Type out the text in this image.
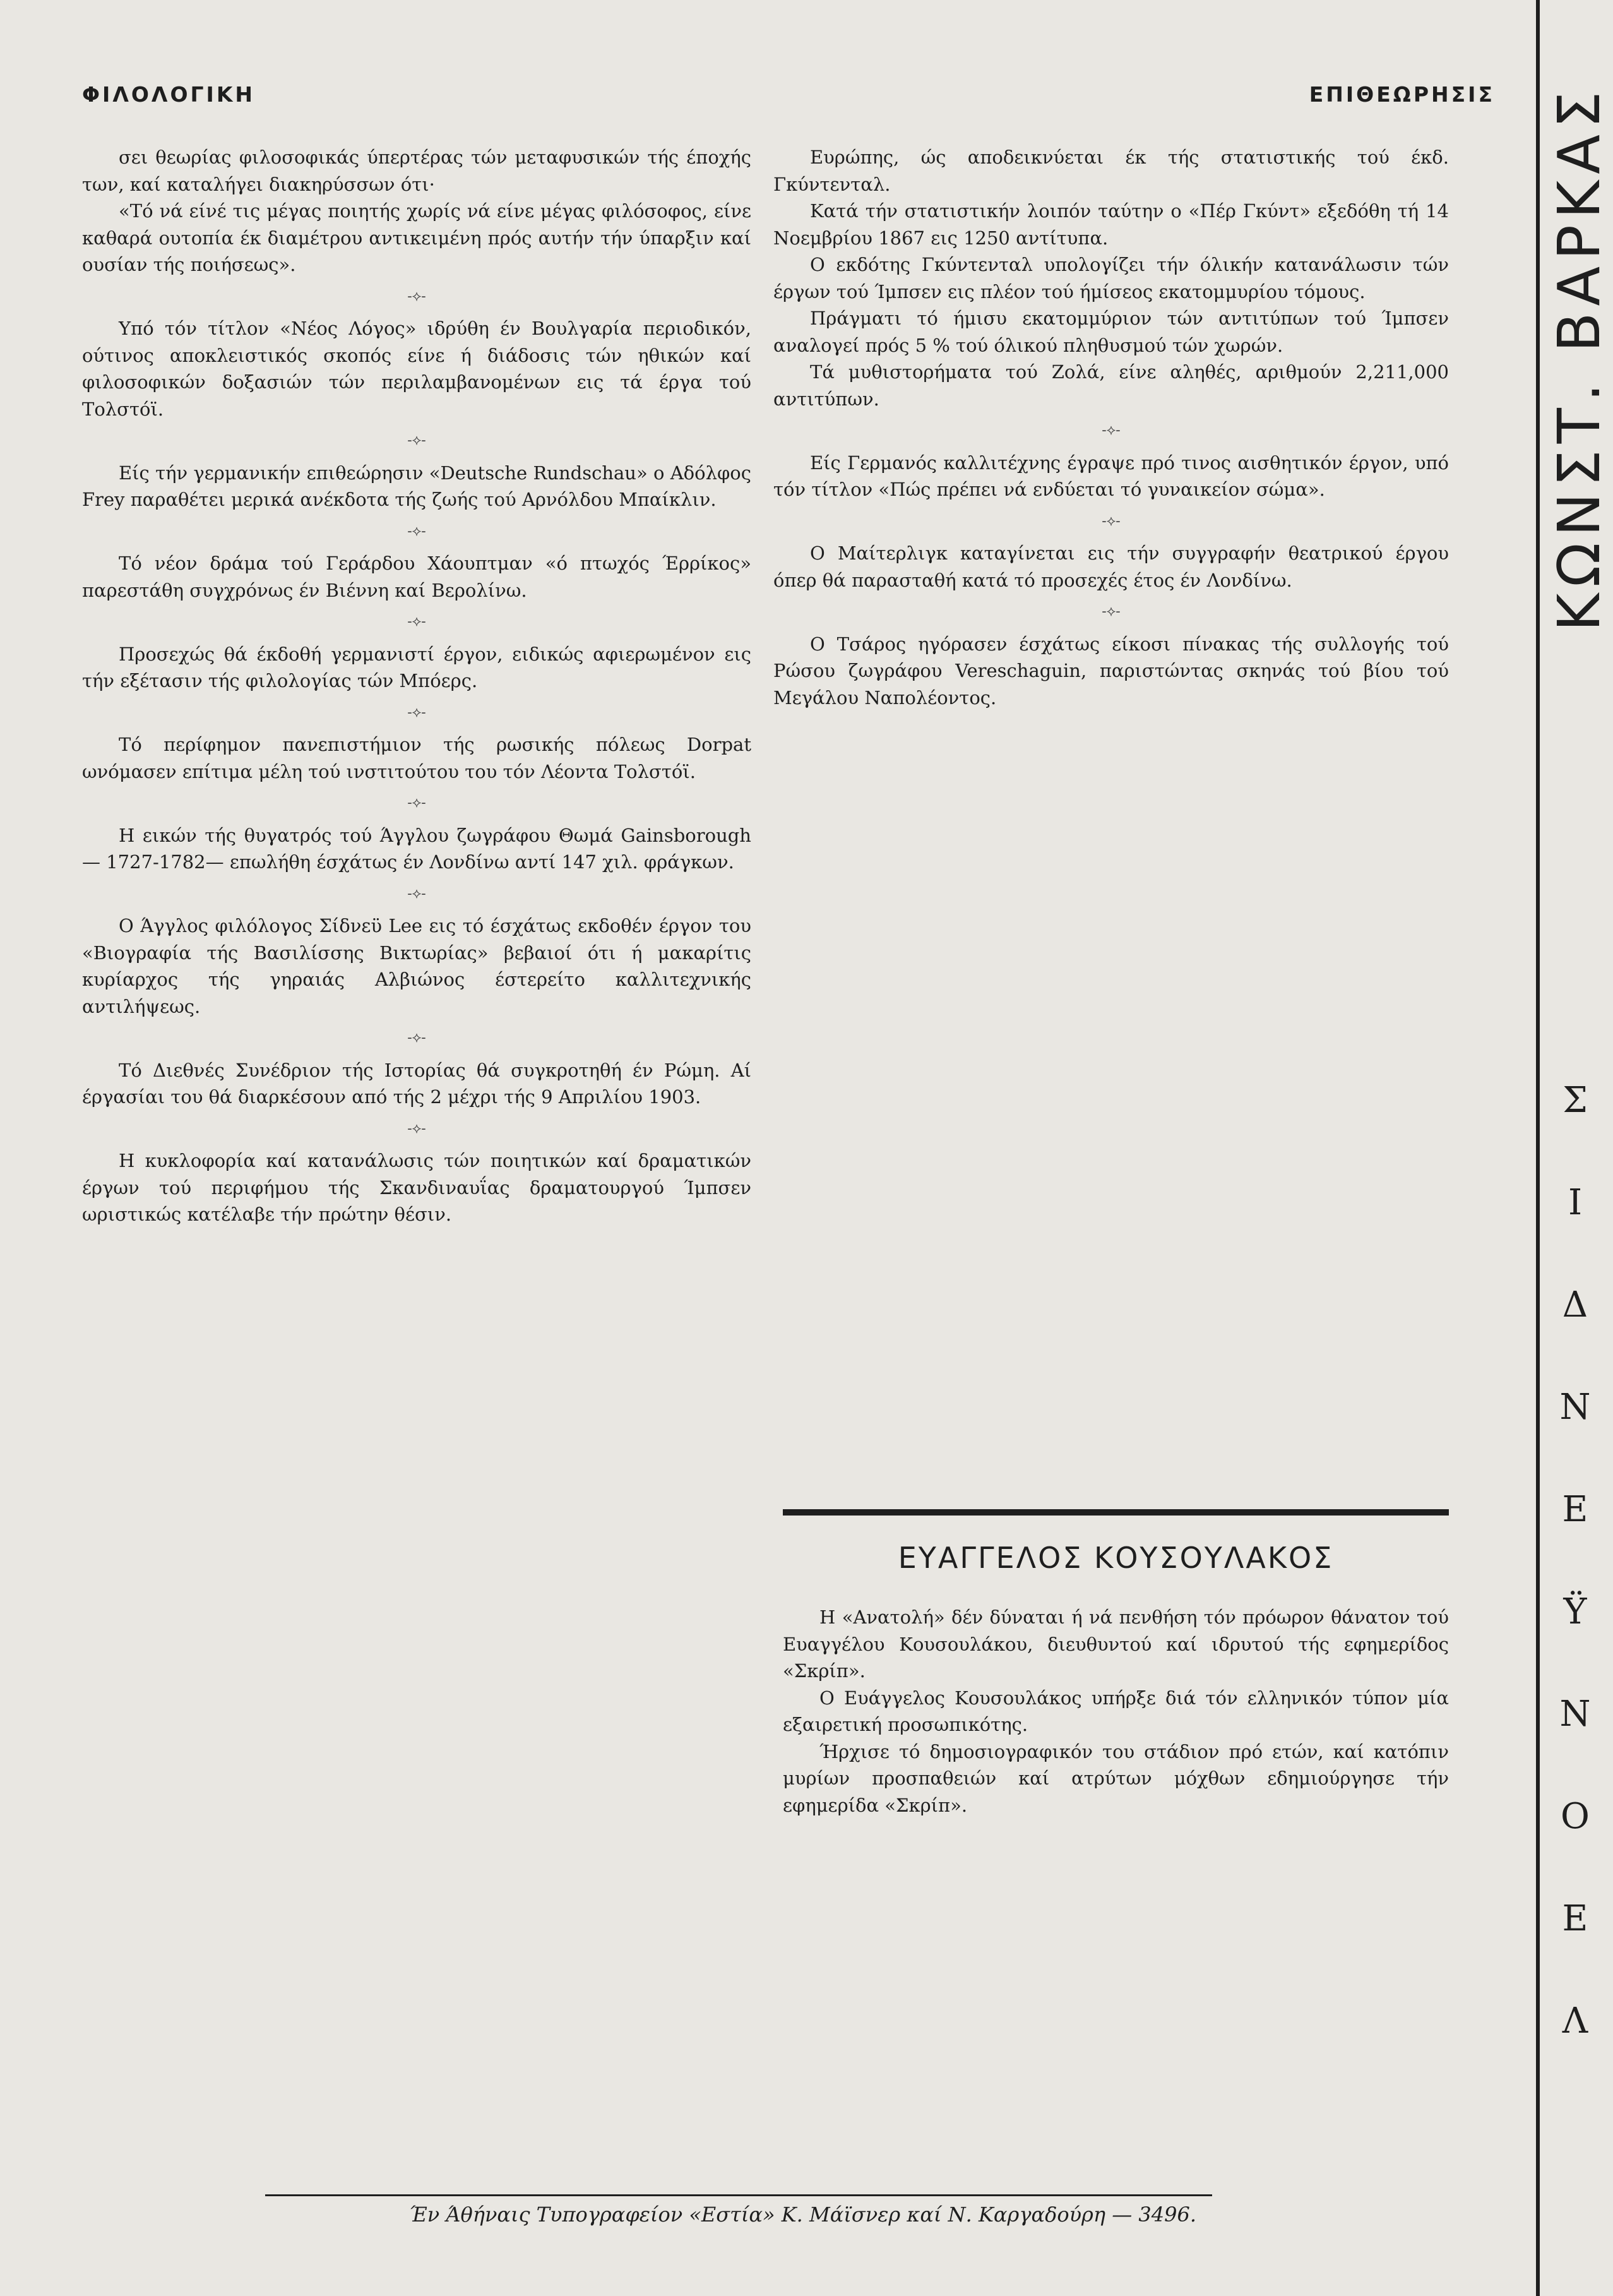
ΦΙΛΟΛΟΓΙΚΗ	ΕΠΙΘΕΩΡΗΣΙΣ

σει θεωρίας φιλοσοφικάς ύπερτέρας τών μεταφυσικών τής έποχής των, καί καταλήγει διακηρύσσων ότι·

«Τό νά είνέ τις μέγας ποιητής χωρίς νά είνε μέγας φιλόσοφος, είνε καθαρά ουτοπία έκ διαμέτρου αντικειμένη πρός αυτήν τήν ύπαρξιν καί ουσίαν τής ποιήσεως».

-⟡-

Υπό τόν τίτλον «Νέος Λόγος» ιδρύθη έν Βουλγαρία περιοδικόν, ούτινος αποκλειστικός σκοπός είνε ή διάδοσις τών ηθικών καί φιλοσοφικών δοξασιών τών περιλαμβανομένων εις τά έργα τού Τολστόϊ.

-⟡-

Είς τήν γερμανικήν επιθεώρησιν «Deutsche Rundschau» ο Αδόλφος Frey παραθέτει μερικά ανέκδοτα τής ζωής τού Αρνόλδου Μπαίκλιν.

-⟡-

Τό νέον δράμα τού Γεράρδου Χάουπτμαν «ό πτωχός Έρρίκος» παρεστάθη συγχρόνως έν Βιέννη καί Βερολίνω.

-⟡-

Προσεχώς θά έκδοθή γερμανιστί έργον, ειδικώς αφιερωμένον εις τήν εξέτασιν τής φιλολογίας τών Μπόερς.

-⟡-

Τό περίφημον πανεπιστήμιον τής ρωσικής πόλεως Dorpat ωνόμασεν επίτιμα μέλη τού ινστιτούτου του τόν Λέοντα Τολστόϊ.

-⟡-

Η εικών τής θυγατρός τού Άγγλου ζωγράφου Θωμά Gainsborough — 1727-1782— επωλήθη έσχάτως έν Λονδίνω αντί 147 χιλ. φράγκων.

-⟡-

Ο Άγγλος φιλόλογος Σίδνεϋ Lee εις τό έσχάτως εκδοθέν έργον του «Βιογραφία τής Βασιλίσσης Βικτωρίας» βεβαιοί ότι ή μακαρίτις κυρίαρχος τής γηραιάς Αλβιώνος έστερείτο καλλιτεχνικής αντιλήψεως.

-⟡-

Τό Διεθνές Συνέδριον τής Ιστορίας θά συγκροτηθή έν Ρώμη. Αί έργασίαι του θά διαρκέσουν από τής 2 μέχρι τής 9 Απριλίου 1903.

-⟡-

Η κυκλοφορία καί κατανάλωσις τών ποιητικών καί δραματικών έργων τού περιφήμου τής Σκανδιναυΐας δραματουργού Ίμπσεν ωριστικώς κατέλαβε τήν πρώτην θέσιν.

Ευρώπης, ώς αποδεικνύεται έκ τής στατιστικής τού έκδ. Γκύντενταλ.

Κατά τήν στατιστικήν λοιπόν ταύτην ο «Πέρ Γκύντ» εξεδόθη τή 14 Νοεμβρίου 1867 εις 1250 αντίτυπα.

Ο εκδότης Γκύντενταλ υπολογίζει τήν όλικήν κατανάλωσιν τών έργων τού Ίμπσεν εις πλέον τού ήμίσεος εκατομμυρίου τόμους.

Πράγματι τό ήμισυ εκατομμύριον τών αντιτύπων τού Ίμπσεν αναλογεί πρός 5 % τού όλικού πληθυσμού τών χωρών.

Τά μυθιστορήματα τού Ζολά, είνε αληθές, αριθμούν 2,211,000 αντιτύπων.

-⟡-

Είς Γερμανός καλλιτέχνης έγραψε πρό τινος αισθητικόν έργον, υπό τόν τίτλον «Πώς πρέπει νά ενδύεται τό γυναικείον σώμα».

-⟡-

Ο Μαίτερλιγκ καταγίνεται εις τήν συγγραφήν θεατρικού έργου όπερ θά παρασταθή κατά τό προσεχές έτος έν Λονδίνω.

-⟡-

Ο Τσάρος ηγόρασεν έσχάτως είκοσι πίνακας τής συλλογής τού Ρώσου ζωγράφου Vereschaguin, παριστώντας σκηνάς τού βίου τού Μεγάλου Ναπολέοντος.

ΕΥΑΓΓΕΛΟΣ ΚΟΥΣΟΥΛΑΚΟΣ

Η «Ανατολή» δέν δύναται ή νά πενθήση τόν πρόωρον θάνατον τού Ευαγγέλου Κουσουλάκου, διευθυντού καί ιδρυτού τής εφημερίδος «Σκρίπ».

Ο Ευάγγελος Κουσουλάκος υπήρξε διά τόν ελληνικόν τύπον μία εξαιρετική προσωπικότης.

Ήρχισε τό δημοσιογραφικόν του στάδιον πρό ετών, καί κατόπιν μυρίων προσπαθειών καί ατρύτων μόχθων εδημιούργησε τήν εφημερίδα «Σκρίπ».

Έν Άθήναις Τυπογραφείον «Εστία» Κ. Μάϊσνερ καί Ν. Καργαδούρη — 3496.
ΚΩΝΣΤ. ΒΑΡΚΑΣ
Σ
Ι
Δ
Ν
Ε
Ϋ
Ν
Ο
Ε
Λ
